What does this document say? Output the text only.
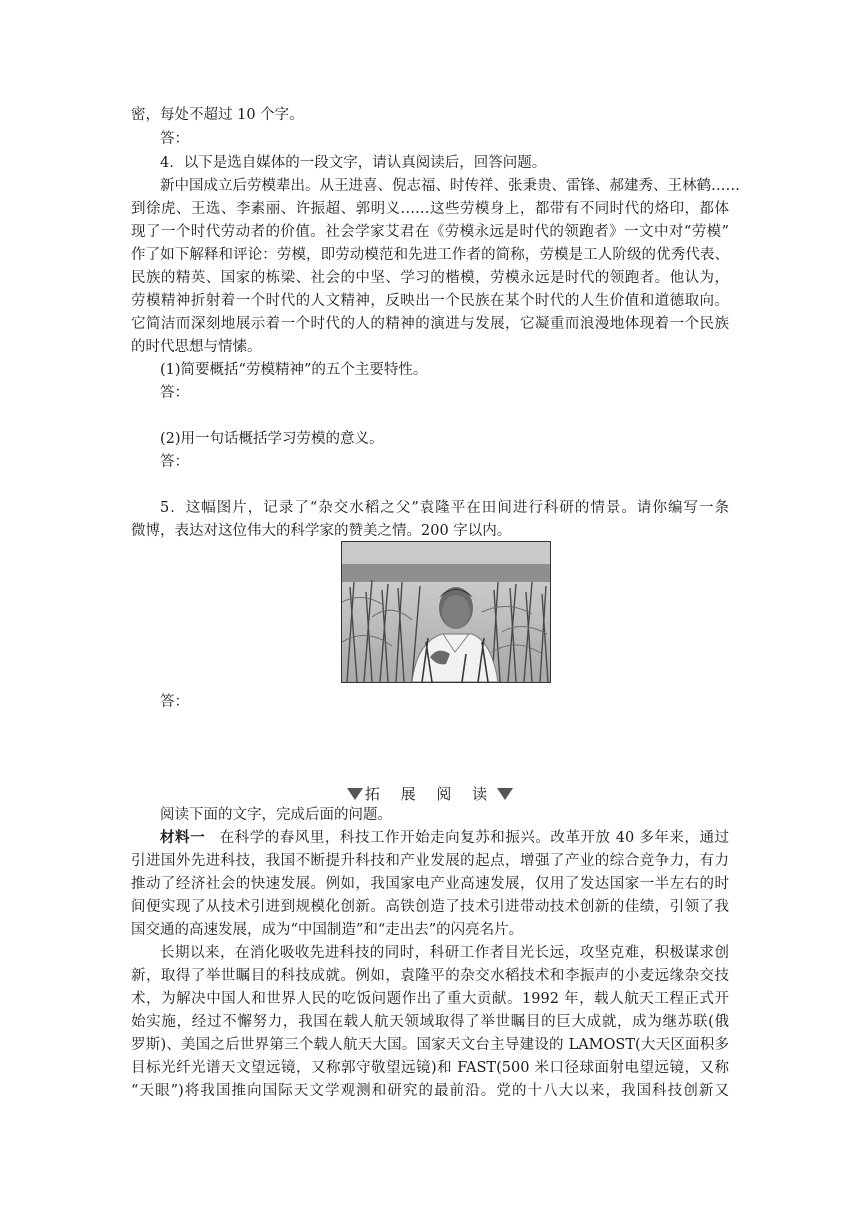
密，每处不超过 10 个字。
答：
4．以下是选自媒体的一段文字，请认真阅读后，回答问题。
新中国成立后劳模辈出。从王进喜、倪志福、时传祥、张秉贵、雷锋、郝建秀、王林鹤……
到徐虎、王选、李素丽、许振超、郭明义……这些劳模身上，都带有不同时代的烙印，都体
现了一个时代劳动者的价值。社会学家艾君在《劳模永远是时代的领跑者》一文中对“劳模”
作了如下解释和评论：劳模，即劳动模范和先进工作者的简称，劳模是工人阶级的优秀代表、
民族的精英、国家的栋梁、社会的中坚、学习的楷模，劳模永远是时代的领跑者。他认为，
劳模精神折射着一个时代的人文精神，反映出一个民族在某个时代的人生价值和道德取向。
它简洁而深刻地展示着一个时代的人的精神的演进与发展，它凝重而浪漫地体现着一个民族
的时代思想与情愫。
(1)简要概括“劳模精神”的五个主要特性。
答：
(2)用一句话概括学习劳模的意义。
答：
5．这幅图片，记录了“杂交水稻之父”袁隆平在田间进行科研的情景。请你编写一条
微博，表达对这位伟大的科学家的赞美之情。200 字以内。
答：
拓 展 阅 读
阅读下面的文字，完成后面的问题。
材料一 在科学的春风里，科技工作开始走向复苏和振兴。改革开放 40 多年来，通过
引进国外先进科技，我国不断提升科技和产业发展的起点，增强了产业的综合竞争力，有力
推动了经济社会的快速发展。例如，我国家电产业高速发展，仅用了发达国家一半左右的时
间便实现了从技术引进到规模化创新。高铁创造了技术引进带动技术创新的佳绩，引领了我
国交通的高速发展，成为“中国制造”和“走出去”的闪亮名片。
长期以来，在消化吸收先进科技的同时，科研工作者目光长远，攻坚克难，积极谋求创
新，取得了举世瞩目的科技成就。例如，袁隆平的杂交水稻技术和李振声的小麦远缘杂交技
术，为解决中国人和世界人民的吃饭问题作出了重大贡献。1992 年，载人航天工程正式开
始实施，经过不懈努力，我国在载人航天领域取得了举世瞩目的巨大成就，成为继苏联(俄
罗斯)、美国之后世界第三个载人航天大国。国家天文台主导建设的 LAMOST(大天区面积多
目标光纤光谱天文望远镜，又称郭守敬望远镜)和 FAST(500 米口径球面射电望远镜，又称
“天眼”)将我国推向国际天文学观测和研究的最前沿。党的十八大以来，我国科技创新又
